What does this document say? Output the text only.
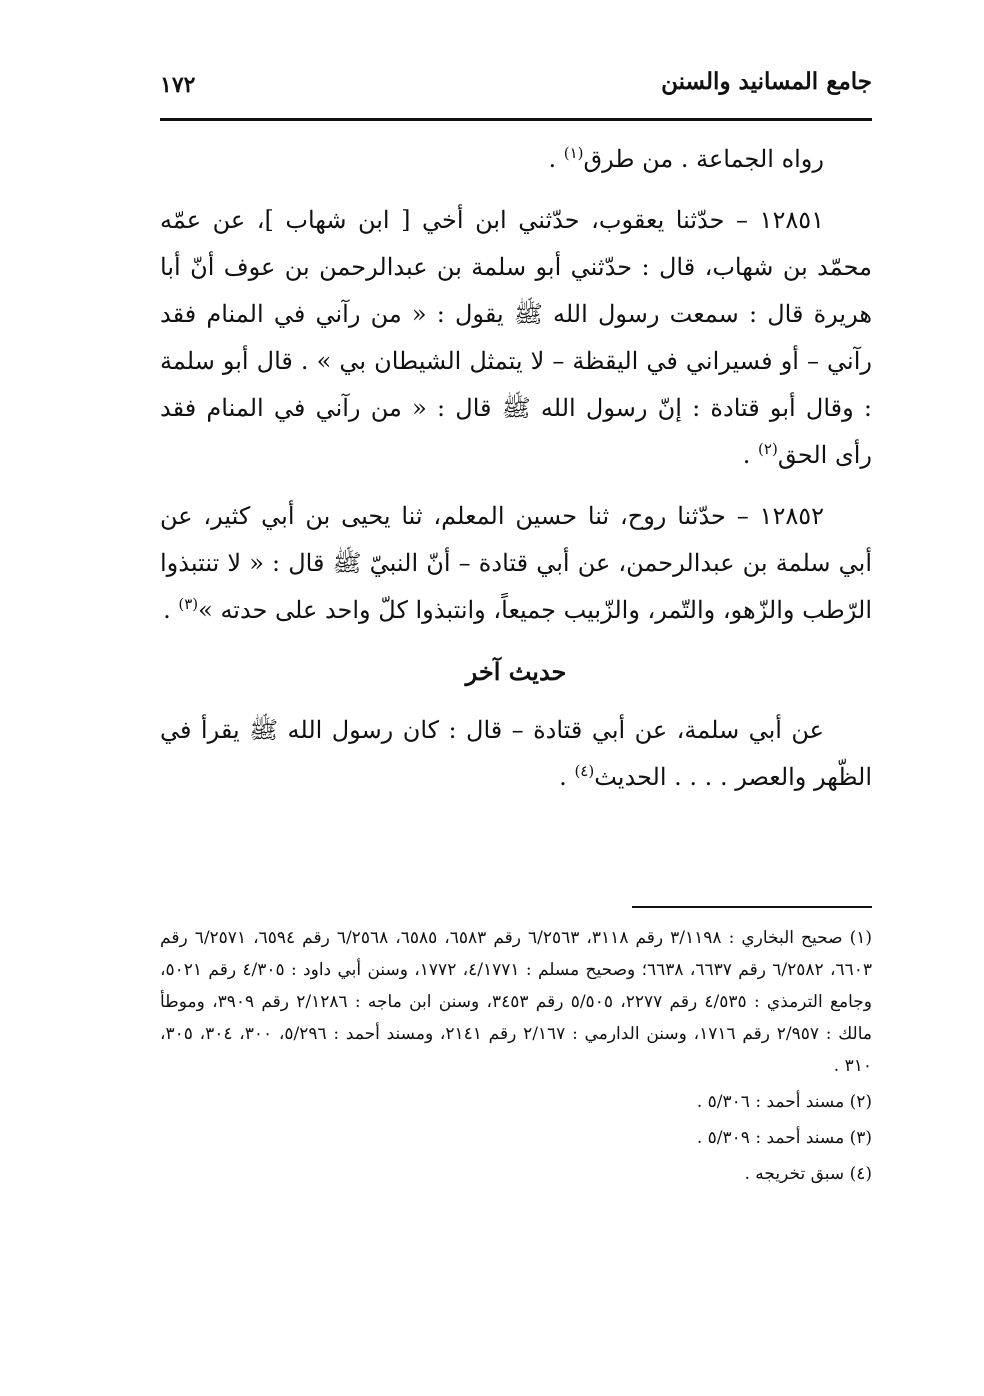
جامع المسانيد والسنن
١٧٢

رواه الجماعة . من طرق$^{(١)}$ .

١٢٨٥١ – حدّثنا يعقوب، حدّثني ابن أخي [ ابن شهاب ]، عن عمّه محمّد بن شهاب، قال : حدّثني أبو سلمة بن عبدالرحمن بن عوف أنّ أبا هريرة قال : سمعت رسول الله ﷺ يقول : « من رآني في المنام فقد رآني – أو فسيراني في اليقظة – لا يتمثل الشيطان بي » . قال أبو سلمة : وقال أبو قتادة : إنّ رسول الله ﷺ قال : « من رآني في المنام فقد رأى الحق$^{(٢)}$ .

١٢٨٥٢ – حدّثنا روح، ثنا حسين المعلم، ثنا يحيى بن أبي كثير، عن أبي سلمة بن عبدالرحمن، عن أبي قتادة – أنّ النبيّ ﷺ قال : « لا تنتبذوا الرّطب والزّهو، والتّمر، والزّبيب جميعاً، وانتبذوا كلّ واحد على حدته »$^{(٣)}$ .

حديث آخر

عن أبي سلمة، عن أبي قتادة – قال : كان رسول الله ﷺ يقرأ في الظّهر والعصر . . . . الحديث$^{(٤)}$ .

(١) صحيح البخاري : ٣/١١٩٨ رقم ٣١١٨، ٦/٢٥٦٣ رقم ٦٥٨٣، ٦٥٨٥، ٦/٢٥٦٨ رقم ٦٥٩٤، ٦/٢٥٧١ رقم ٦٦٠٣، ٦/٢٥٨٢ رقم ٦٦٣٧، ٦٦٣٨؛ وصحيح مسلم : ٤/١٧٧١، ١٧٧٢، وسنن أبي داود : ٤/٣٠٥ رقم ٥٠٢١، وجامع الترمذي : ٤/٥٣٥ رقم ٢٢٧٧، ٥/٥٠٥ رقم ٣٤٥٣، وسنن ابن ماجه : ٢/١٢٨٦ رقم ٣٩٠٩، وموطأ مالك : ٢/٩٥٧ رقم ١٧١٦، وسنن الدارمي : ٢/١٦٧ رقم ٢١٤١، ومسند أحمد : ٥/٢٩٦، ٣٠٠، ٣٠٤، ٣٠٥، ٣١٠ .

(٢) مسند أحمد : ٥/٣٠٦ .

(٣) مسند أحمد : ٥/٣٠٩ .

(٤) سبق تخريجه .
